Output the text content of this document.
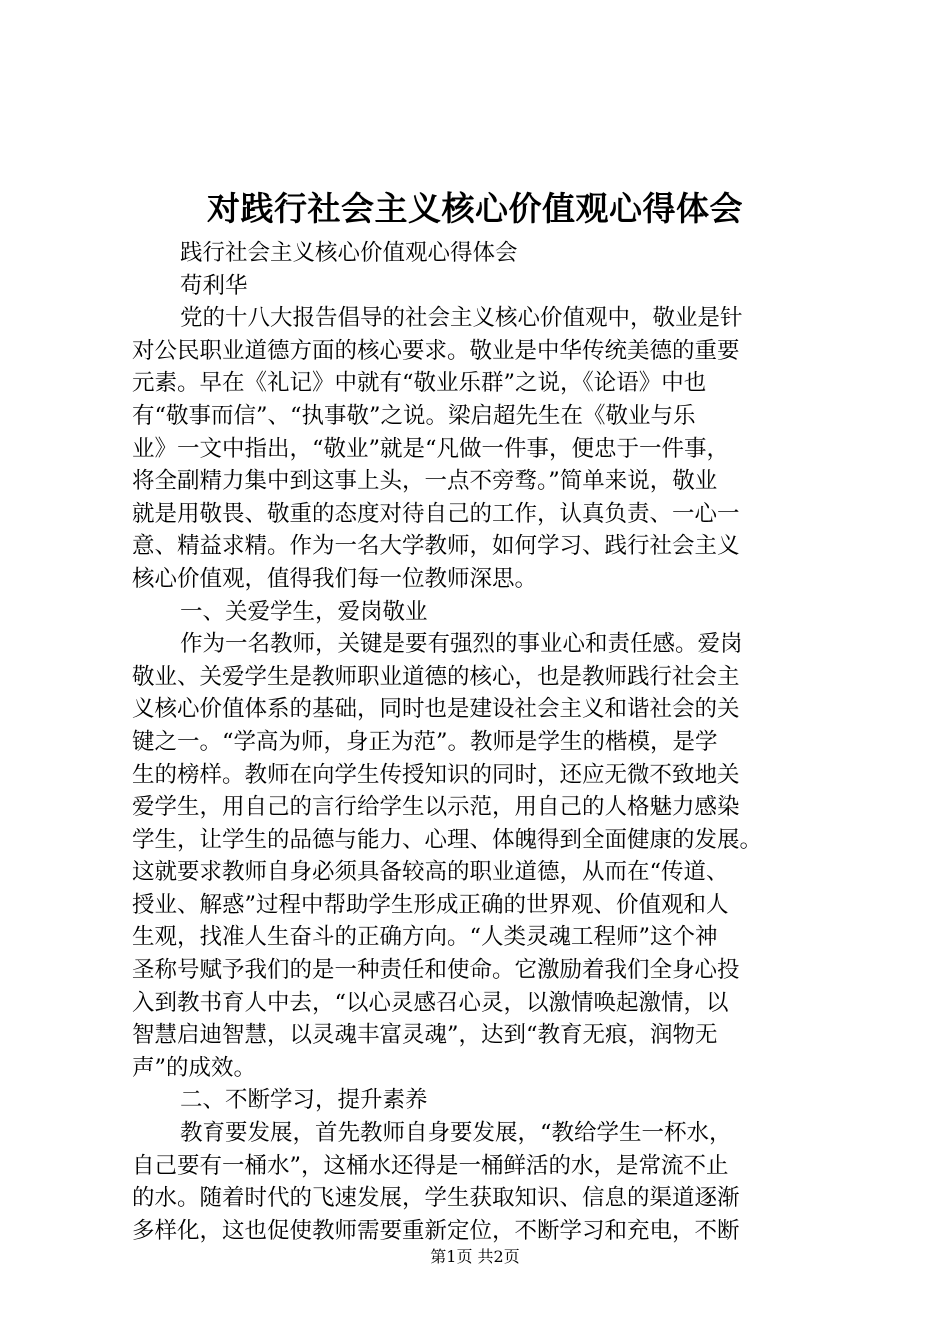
对践行社会主义核心价值观心得体会
践行社会主义核心价值观心得体会
苟利华
党的十八大报告倡导的社会主义核心价值观中，敬业是针
对公民职业道德方面的核心要求。敬业是中华传统美德的重要
元素。早在《礼记》中就有“敬业乐群”之说，《论语》中也
有“敬事而信”、“执事敬”之说。梁启超先生在《敬业与乐
业》一文中指出，“敬业”就是“凡做一件事，便忠于一件事，
将全副精力集中到这事上头，一点不旁骛。”简单来说，敬业
就是用敬畏、敬重的态度对待自己的工作，认真负责、一心一
意、精益求精。作为一名大学教师，如何学习、践行社会主义
核心价值观，值得我们每一位教师深思。
一、关爱学生，爱岗敬业
作为一名教师，关键是要有强烈的事业心和责任感。爱岗
敬业、关爱学生是教师职业道德的核心，也是教师践行社会主
义核心价值体系的基础，同时也是建设社会主义和谐社会的关
键之一。“学高为师，身正为范”。教师是学生的楷模，是学
生的榜样。教师在向学生传授知识的同时，还应无微不致地关
爱学生，用自己的言行给学生以示范，用自己的人格魅力感染
学生，让学生的品德与能力、心理、体魄得到全面健康的发展。
这就要求教师自身必须具备较高的职业道德，从而在“传道、
授业、解惑”过程中帮助学生形成正确的世界观、价值观和人
生观，找准人生奋斗的正确方向。“人类灵魂工程师”这个神
圣称号赋予我们的是一种责任和使命。它激励着我们全身心投
入到教书育人中去，“以心灵感召心灵，以激情唤起激情，以
智慧启迪智慧，以灵魂丰富灵魂”，达到“教育无痕，润物无
声”的成效。
二、不断学习，提升素养
教育要发展，首先教师自身要发展，“教给学生一杯水，
自己要有一桶水”，这桶水还得是一桶鲜活的水，是常流不止
的水。随着时代的飞速发展，学生获取知识、信息的渠道逐渐
多样化，这也促使教师需要重新定位，不断学习和充电，不断
第1页 共2页
